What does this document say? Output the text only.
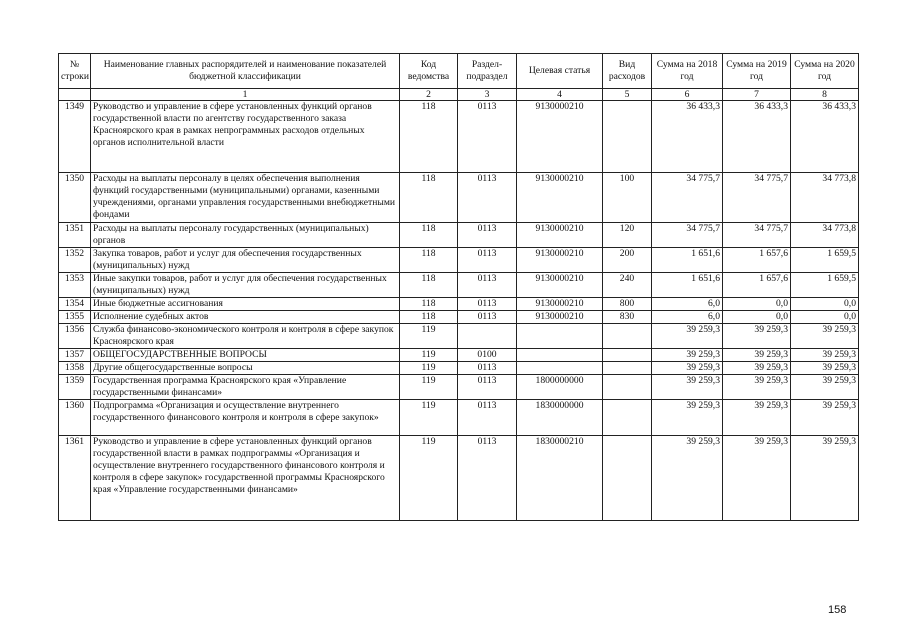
№ строки	Наименование главных распорядителей и наименование показателей бюджетной классификации	Код ведомства	Раздел-подраздел	Целевая статья	Вид расходов	Сумма на 2018 год	Сумма на 2019 год	Сумма на 2020 год
	1	2	3	4	5	6	7	8
1349	Руководство и управление в сфере установленных функций органов государственной власти по агентству государственного заказа Красноярского края в рамках непрограммных расходов отдельных органов исполнительной власти	118	0113	9130000210		36 433,3	36 433,3	36 433,3
1350	Расходы на выплаты персоналу в целях обеспечения выполнения функций государственными (муниципальными) органами, казенными учреждениями, органами управления государственными внебюджетными фондами	118	0113	9130000210	100	34 775,7	34 775,7	34 773,8
1351	Расходы на выплаты персоналу государственных (муниципальных) органов	118	0113	9130000210	120	34 775,7	34 775,7	34 773,8
1352	Закупка товаров, работ и услуг для обеспечения государственных (муниципальных) нужд	118	0113	9130000210	200	1 651,6	1 657,6	1 659,5
1353	Иные закупки товаров, работ и услуг для обеспечения государственных (муниципальных) нужд	118	0113	9130000210	240	1 651,6	1 657,6	1 659,5
1354	Иные бюджетные ассигнования	118	0113	9130000210	800	6,0	0,0	0,0
1355	Исполнение судебных актов	118	0113	9130000210	830	6,0	0,0	0,0
1356	Служба финансово-экономического контроля и контроля в сфере закупок Красноярского края	119				39 259,3	39 259,3	39 259,3
1357	ОБЩЕГОСУДАРСТВЕННЫЕ ВОПРОСЫ	119	0100			39 259,3	39 259,3	39 259,3
1358	Другие общегосударственные вопросы	119	0113			39 259,3	39 259,3	39 259,3
1359	Государственная программа Красноярского края «Управление государственными финансами»	119	0113	1800000000		39 259,3	39 259,3	39 259,3
1360	Подпрограмма «Организация и осуществление внутреннего государственного финансового контроля и контроля в сфере закупок»	119	0113	1830000000		39 259,3	39 259,3	39 259,3
1361	Руководство и управление в сфере установленных функций органов государственной власти в рамках подпрограммы «Организация и осуществление внутреннего государственного финансового контроля и контроля в сфере закупок» государственной программы Красноярского края «Управление государственными финансами»	119	0113	1830000210		39 259,3	39 259,3	39 259,3
158
